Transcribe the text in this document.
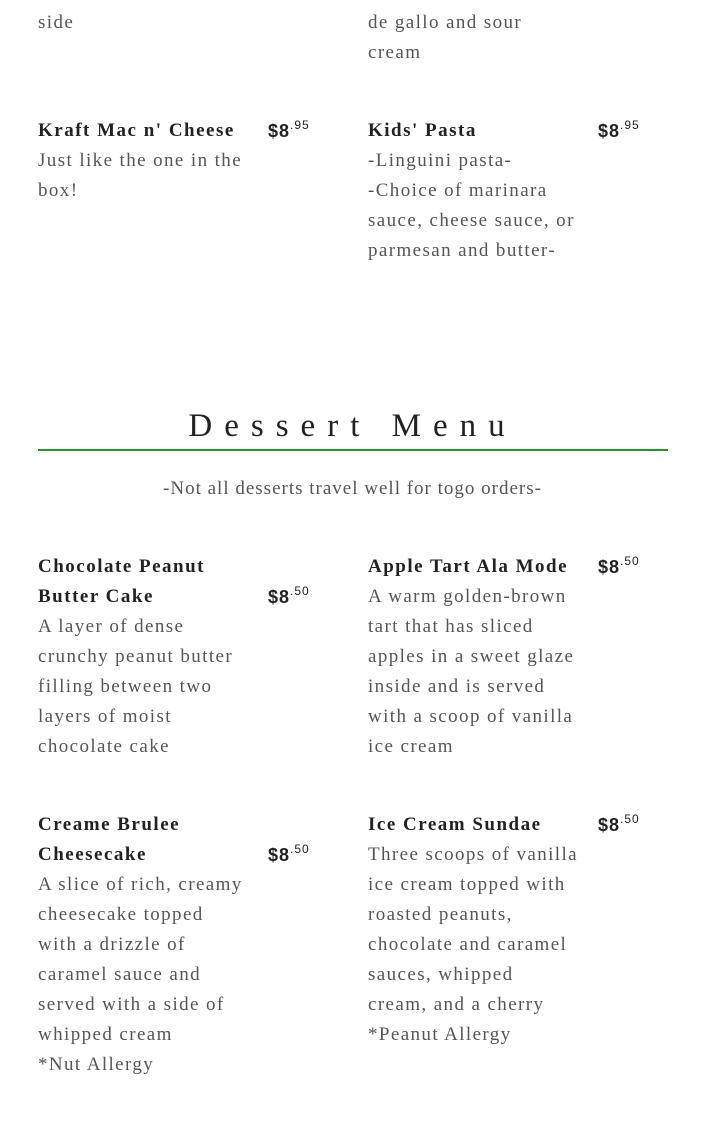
side	de gallo and sour
cream
Kraft Mac n' Cheese
Just like the one in the
box!
$\$8^{.95}$	Kids' Pasta
-Linguini pasta-
-Choice of marinara
sauce, cheese sauce, or
parmesan and butter-
$\$8^{.95}$
Dessert Menu
-Not all desserts travel well for togo orders-
Chocolate Peanut
Butter Cake
A layer of dense
crunchy peanut butter
filling between two
layers of moist
chocolate cake
$\$8^{.50}$
Apple Tart Ala Mode
A warm golden-brown
tart that has sliced
apples in a sweet glaze
inside and is served
with a scoop of vanilla
ice cream
$\$8^{.50}$
Creame Brulee
Cheesecake
A slice of rich, creamy
cheesecake topped
with a drizzle of
caramel sauce and
served with a side of
whipped cream
*Nut Allergy
$\$8^{.50}$
Ice Cream Sundae
Three scoops of vanilla
ice cream topped with
roasted peanuts,
chocolate and caramel
sauces, whipped
cream, and a cherry
*Peanut Allergy
$\$8^{.50}$
